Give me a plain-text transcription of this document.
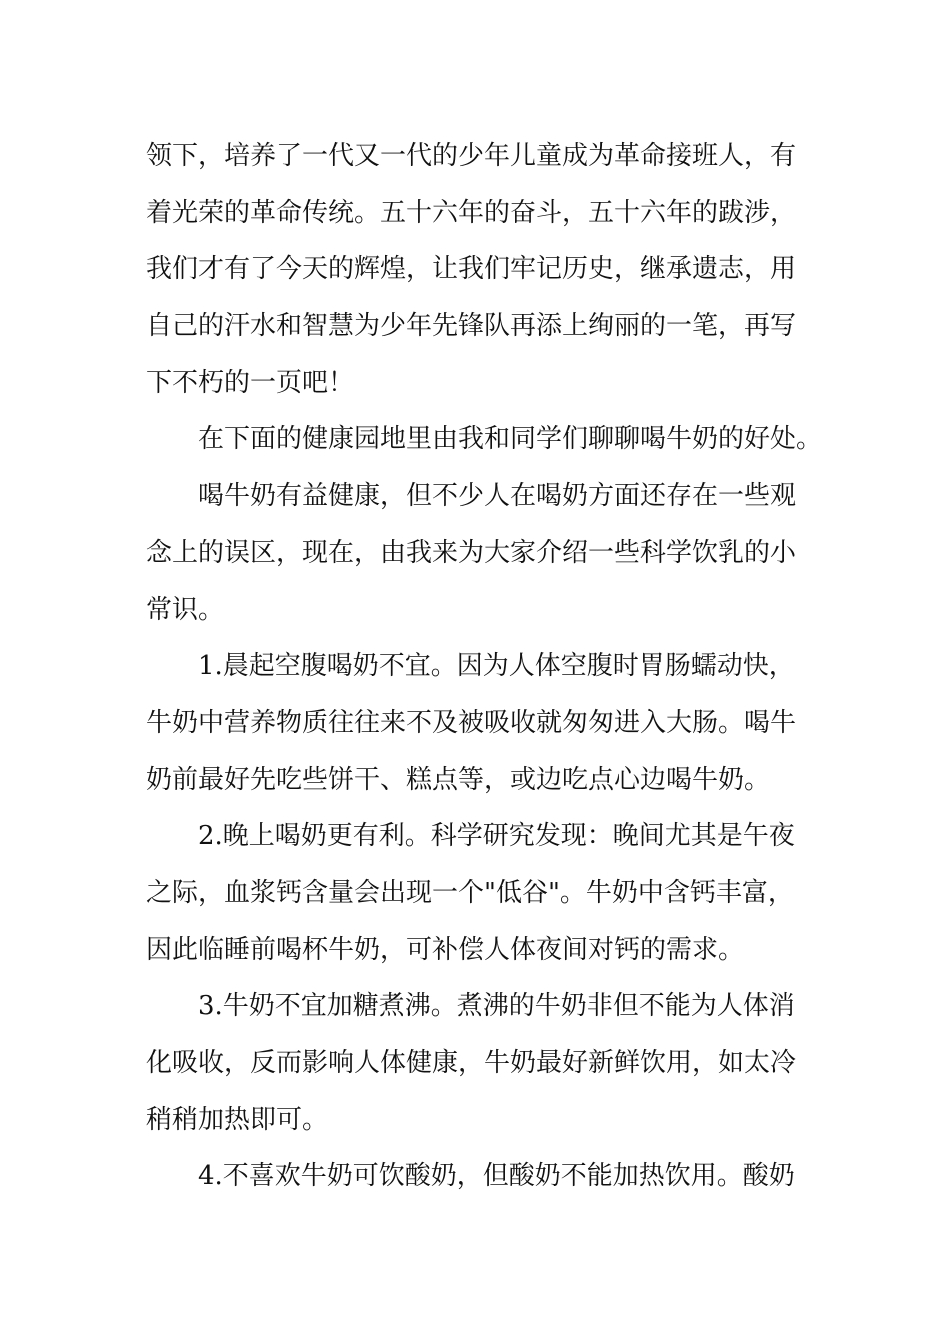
领下，培养了一代又一代的少年儿童成为革命接班人，有
着光荣的革命传统。五十六年的奋斗，五十六年的跋涉，
我们才有了今天的辉煌，让我们牢记历史，继承遗志，用
自己的汗水和智慧为少年先锋队再添上绚丽的一笔，再写
下不朽的一页吧！
在下面的健康园地里由我和同学们聊聊喝牛奶的好处。
喝牛奶有益健康，但不少人在喝奶方面还存在一些观
念上的误区，现在，由我来为大家介绍一些科学饮乳的小
常识。
1.晨起空腹喝奶不宜。因为人体空腹时胃肠蠕动快，
牛奶中营养物质往往来不及被吸收就匆匆进入大肠。喝牛
奶前最好先吃些饼干、糕点等，或边吃点心边喝牛奶。
2.晚上喝奶更有利。科学研究发现：晚间尤其是午夜
之际，血浆钙含量会出现一个"低谷"。牛奶中含钙丰富，
因此临睡前喝杯牛奶，可补偿人体夜间对钙的需求。
3.牛奶不宜加糖煮沸。煮沸的牛奶非但不能为人体消
化吸收，反而影响人体健康，牛奶最好新鲜饮用，如太冷
稍稍加热即可。
4.不喜欢牛奶可饮酸奶，但酸奶不能加热饮用。酸奶
